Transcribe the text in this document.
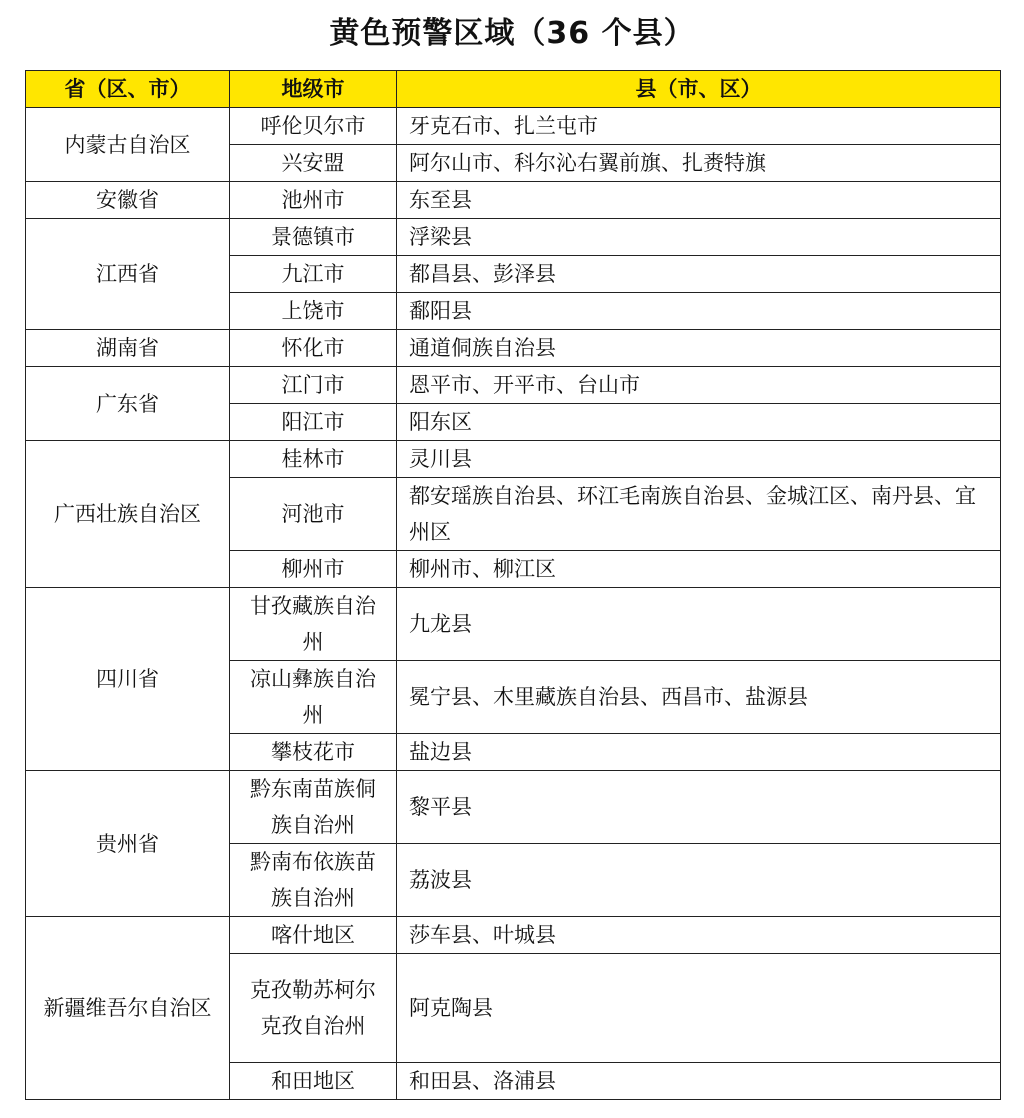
黄色预警区域（36 个县）
省（区、市）	地级市	县（市、区）
内蒙古自治区	呼伦贝尔市	牙克石市、扎兰屯市
	兴安盟	阿尔山市、科尔沁右翼前旗、扎赉特旗
安徽省	池州市	东至县
江西省	景德镇市	浮梁县
	九江市	都昌县、彭泽县
	上饶市	鄱阳县
湖南省	怀化市	通道侗族自治县
广东省	江门市	恩平市、开平市、台山市
	阳江市	阳东区
广西壮族自治区	桂林市	灵川县
	河池市	都安瑶族自治县、环江毛南族自治县、金城江区、南丹县、宜州区
	柳州市	柳州市、柳江区
四川省	甘孜藏族自治州	九龙县
	凉山彝族自治州	冕宁县、木里藏族自治县、西昌市、盐源县
	攀枝花市	盐边县
贵州省	黔东南苗族侗族自治州	黎平县
	黔南布依族苗族自治州	荔波县
新疆维吾尔自治区	喀什地区	莎车县、叶城县
	克孜勒苏柯尔克孜自治州	阿克陶县
	和田地区	和田县、洛浦县
